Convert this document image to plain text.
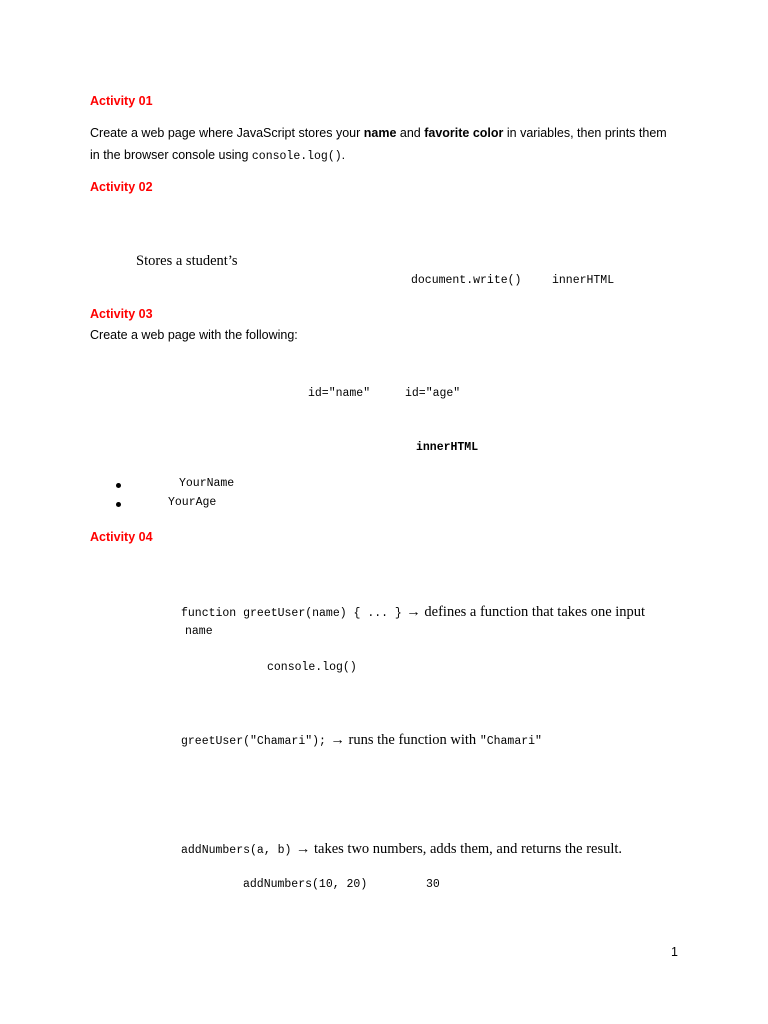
Activity 01
Create a web page where JavaScript stores your name and favorite color in variables, then prints them
in the browser console using console.log().
Activity 02
Stores a student’s
document.write()	innerHTML
Activity 03
Create a web page with the following:
id="name"	id="age"
innerHTML
YourName
YourAge
Activity 04
function greetUser(name) { ... } → defines a function that takes one input
name
console.log()
greetUser("Chamari"); → runs the function with "Chamari"
addNumbers(a, b) → takes two numbers, adds them, and returns the result.
addNumbers(10, 20)	30
1
